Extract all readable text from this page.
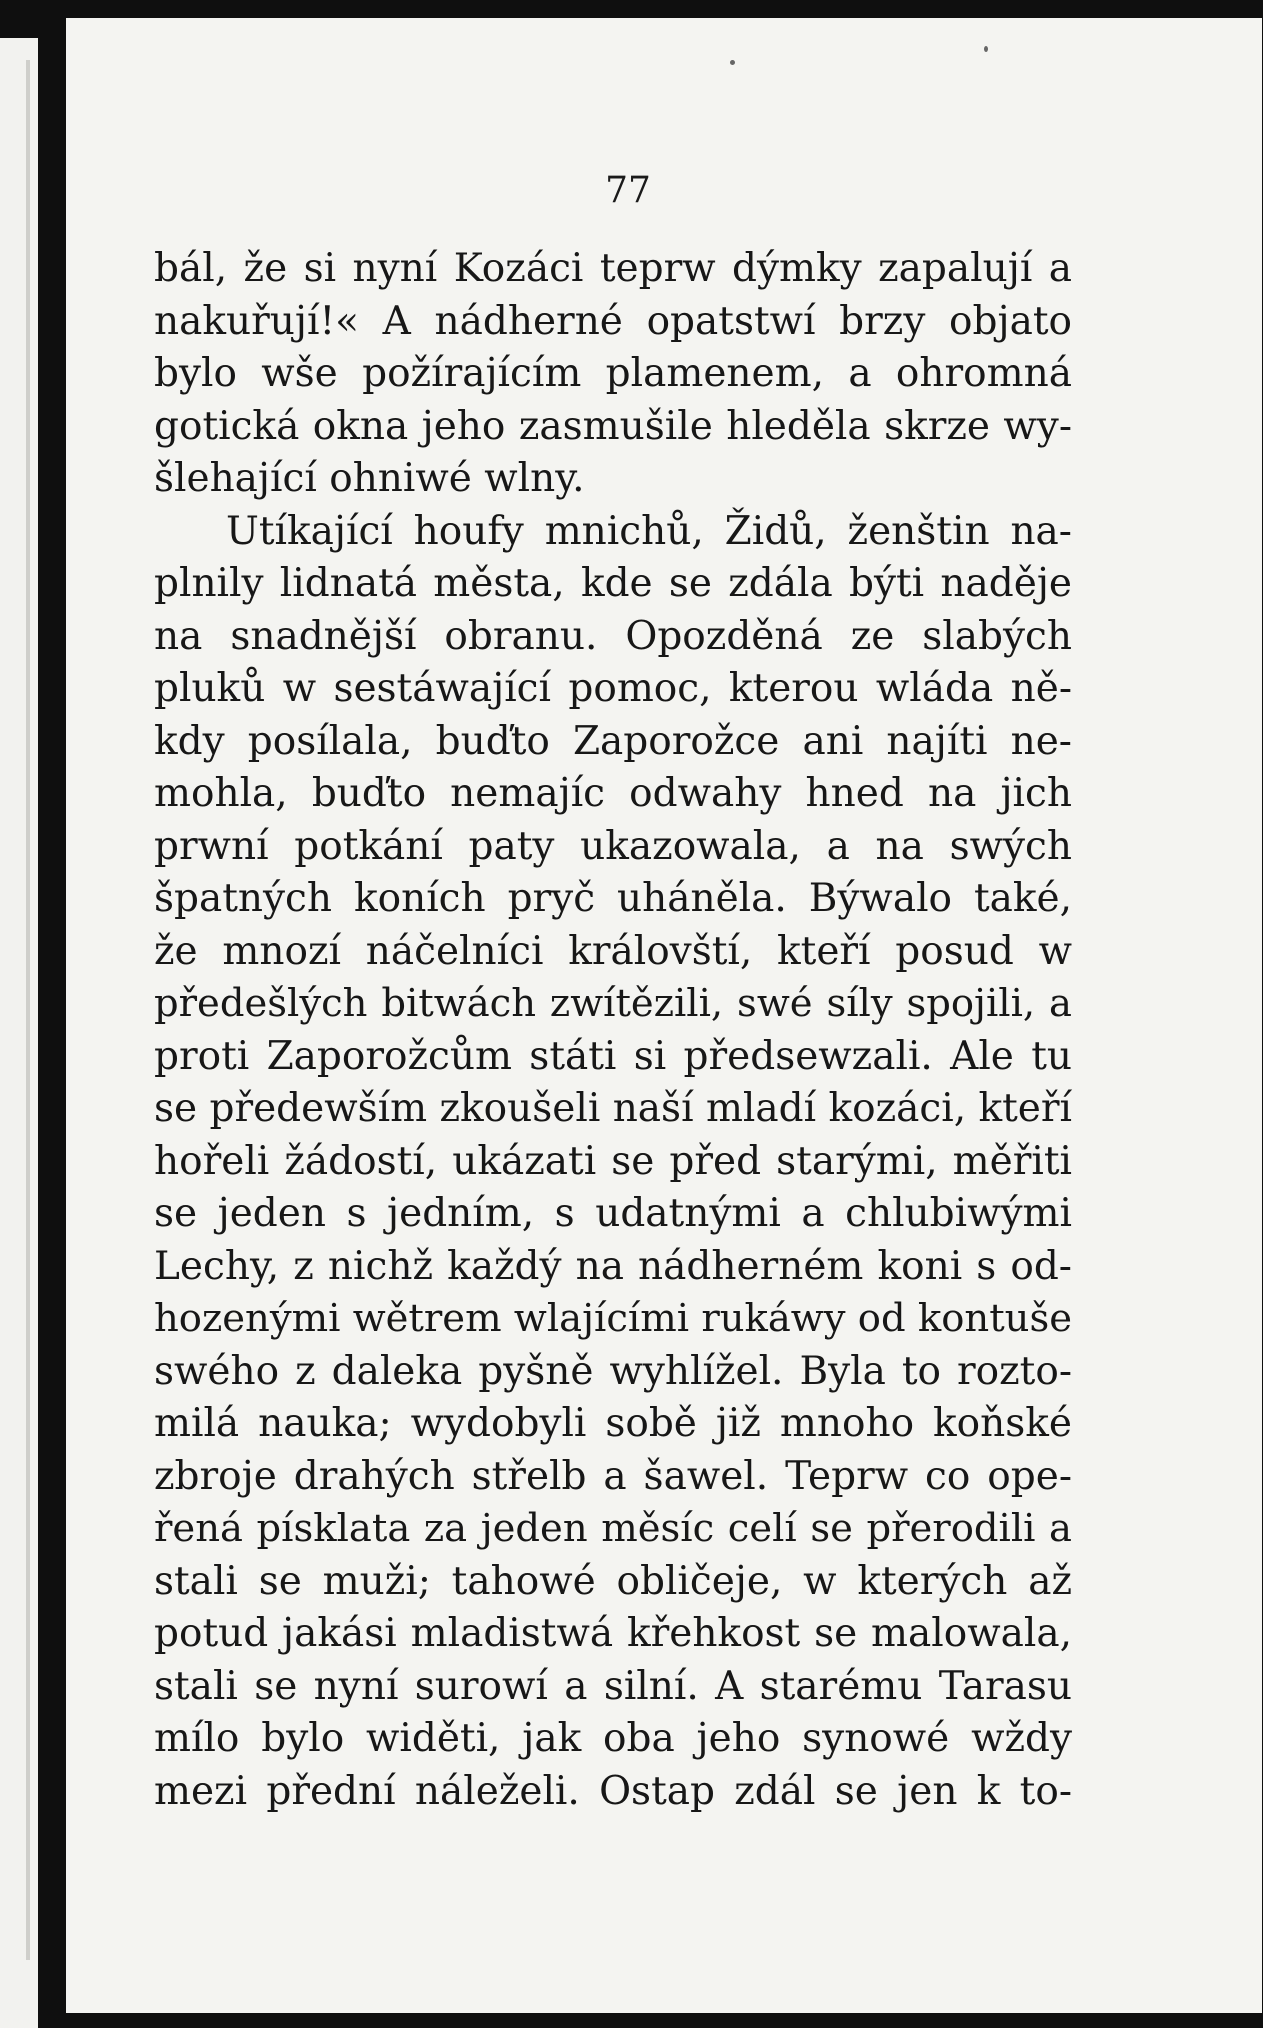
77
bál, že si nyní Kozáci teprw dýmky zapalují a
nakuřují!« A nádherné opatstwí brzy objato
bylo wše požírajícím plamenem, a ohromná
gotická okna jeho zasmušile hleděla skrze wy-
šlehající ohniwé wlny.
Utíkající houfy mnichů, Židů, ženštin na-
plnily lidnatá města, kde se zdála býti naděje
na snadnější obranu. Opozděná ze slabých
pluků w sestáwající pomoc, kterou wláda ně-
kdy posílala, buďto Zaporožce ani najíti ne-
mohla, buďto nemajíc odwahy hned na jich
prwní potkání paty ukazowala, a na swých
špatných koních pryč uháněla. Býwalo také,
že mnozí náčelníci královští, kteří posud w
předešlých bitwách zwítězili, swé síly spojili, a
proti Zaporožcům státi si předsewzali. Ale tu
se předewším zkoušeli naší mladí kozáci, kteří
hořeli žádostí, ukázati se před starými, měřiti
se jeden s jedním, s udatnými a chlubiwými
Lechy, z nichž každý na nádherném koni s od-
hozenými wětrem wlajícími rukáwy od kontuše
swého z daleka pyšně wyhlížel. Byla to rozto-
milá nauka; wydobyli sobě již mnoho koňské
zbroje drahých střelb a šawel. Teprw co ope-
řená písklata za jeden měsíc celí se přerodili a
stali se muži; tahowé obličeje, w kterých až
potud jakási mladistwá křehkost se malowala,
stali se nyní surowí a silní. A starému Tarasu
mílo bylo widěti, jak oba jeho synowé wždy
mezi přední náleželi. Ostap zdál se jen k to-
